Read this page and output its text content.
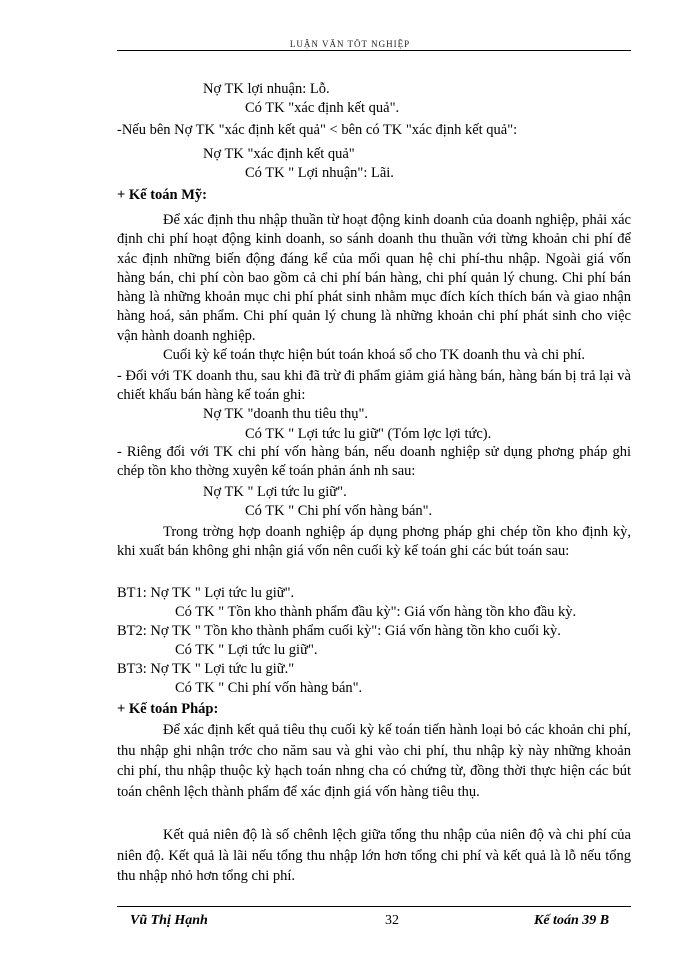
LUẬN VĂN TỐT NGHIỆP
Nợ TK lợi nhuận: Lỗ.
Có TK "xác định kết quả".
-Nếu bên Nợ TK "xác định kết quả" < bên có TK "xác định kết quả":
Nợ TK "xác định kết quả"
Có TK " Lợi nhuận": Lãi.
+ Kế toán Mỹ:
Để xác định thu nhập thuần từ hoạt động kinh doanh của doanh nghiệp, phải xác định chi phí hoạt động kinh doanh, so sánh doanh thu thuần với từng khoản chi phí để xác định những biến động đáng kể của mối quan hệ chi phí-thu nhập. Ngoài giá vốn hàng bán, chi phí còn bao gồm cả chi phí bán hàng, chi phí quản lý chung. Chi phí bán hàng là những khoản mục chi phí phát sinh nhằm mục đích kích thích bán và giao nhận hàng hoá, sản phẩm. Chi phí quản lý chung là những khoản chi phí phát sinh cho việc vận hành doanh nghiệp.
Cuối kỳ kế toán thực hiện bút toán khoá sổ cho TK doanh thu và chi phí.
- Đối với TK doanh thu, sau khi đã trừ đi phẩm giảm giá hàng bán, hàng bán bị trả lại và chiết khấu bán hàng kế toán ghi:
Nợ TK "doanh thu tiêu thụ".
Có TK " Lợi tức lu giữ" (Tóm lợc lợi tức).
- Riêng đối với TK chi phí vốn hàng bán, nếu doanh nghiệp sử dụng phơng pháp ghi chép tồn kho thờng xuyên kế toán phản ánh nh sau:
Nợ TK " Lợi tức lu giữ".
Có TK " Chi phí vốn hàng bán".
Trong trờng hợp doanh nghiệp áp dụng phơng pháp ghi chép tồn kho định kỳ, khi xuất bán không ghi nhận giá vốn nên cuối kỳ kế toán ghi các bút toán sau:
BT1: Nợ TK " Lợi tức lu giữ".
Có TK " Tồn kho thành phẩm đầu kỳ": Giá vốn hàng tồn kho đầu kỳ.
BT2: Nợ TK " Tồn kho thành phẩm cuối kỳ": Giá vốn hàng tồn kho cuối kỳ.
Có TK " Lợi tức lu giữ".
BT3: Nợ TK " Lợi tức lu giữ."
Có TK " Chi phí vốn hàng bán".
+ Kế toán Pháp:
Để xác định kết quả tiêu thụ cuối kỳ kế toán tiến hành loại bỏ các khoản chi phí, thu nhập ghi nhận trớc cho năm sau và ghi vào chi phí, thu nhập kỳ này những khoản chi phí, thu nhập thuộc kỳ hạch toán nhng cha có chứng từ, đồng thời thực hiện các bút toán chênh lệch thành phẩm để xác định giá vốn hàng tiêu thụ.
Kết quả niên độ là số chênh lệch giữa tổng thu nhập của niên độ và chi phí của niên độ. Kết quả là lãi nếu tổng thu nhập lớn hơn tổng chi phí và kết quả là lỗ nếu tổng thu nhập nhỏ hơn tổng chi phí.
Vũ Thị Hạnh	32	Kế toán 39 B
